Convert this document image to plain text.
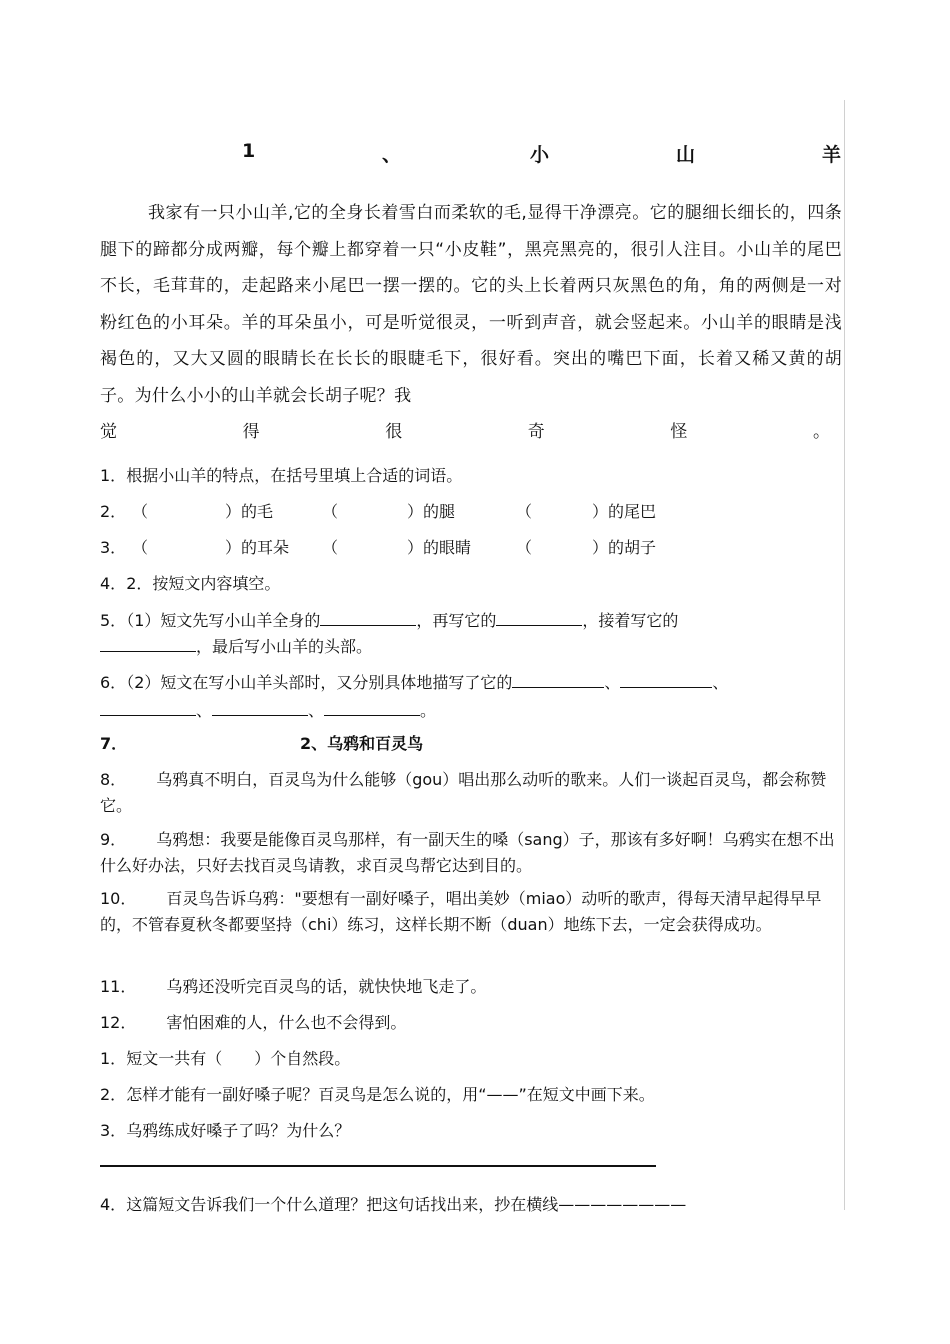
1	、	小	山	羊
我家有一只小山羊,它的全身长着雪白而柔软的毛,显得干净漂亮。它的腿细长细长的，四条腿下的蹄都分成两瓣，每个瓣上都穿着一只“小皮鞋”，黑亮黑亮的，很引人注目。小山羊的尾巴不长，毛茸茸的，走起路来小尾巴一摆一摆的。它的头上长着两只灰黑色的角，角的两侧是一对粉红色的小耳朵。羊的耳朵虽小，可是听觉很灵，一听到声音，就会竖起来。小山羊的眼睛是浅褐色的，又大又圆的眼睛长在长长的眼睫毛下，很好看。突出的嘴巴下面，长着又稀又黄的胡子。为什么小小的山羊就会长胡子呢？我
觉	得	很	奇	怪	。
1．根据小山羊的特点，在括号里填上合适的词语。
2． （	）的毛	（	）的腿	（	）的尾巴
3． （	）的耳朵 （	）的眼睛	（	）的胡子
4．2．按短文内容填空。
5．（1）短文先写小山羊全身的	，再写它的	，接着写它的
，最后写小山羊的头部。
6．（2）短文在写小山羊头部时，又分别具体地描写了它的	、	、
、	、	。
7．	2、乌鸦和百灵鸟
8． 乌鸦真不明白，百灵鸟为什么能够（gou）唱出那么动听的歌来。人们一谈起百灵鸟，都会称赞它。
9． 乌鸦想：我要是能像百灵鸟那样，有一副天生的嗓（sang）子，那该有多好啊！乌鸦实在想不出什么好办法，只好去找百灵鸟请教，求百灵鸟帮它达到目的。
10． 百灵鸟告诉乌鸦："要想有一副好嗓子，唱出美妙（miao）动听的歌声，得每天清早起得早早的，不管春夏秋冬都要坚持（chi）练习，这样长期不断（duan）地练下去，一定会获得成功。
11． 乌鸦还没听完百灵鸟的话，就快快地飞走了。
12． 害怕困难的人，什么也不会得到。
1．短文一共有（　　）个自然段。
2．怎样才能有一副好嗓子呢？百灵鸟是怎么说的，用“——”在短文中画下来。
3．乌鸦练成好嗓子了吗？为什么？
4．这篇短文告诉我们一个什么道理？把这句话找出来，抄在横线————————
